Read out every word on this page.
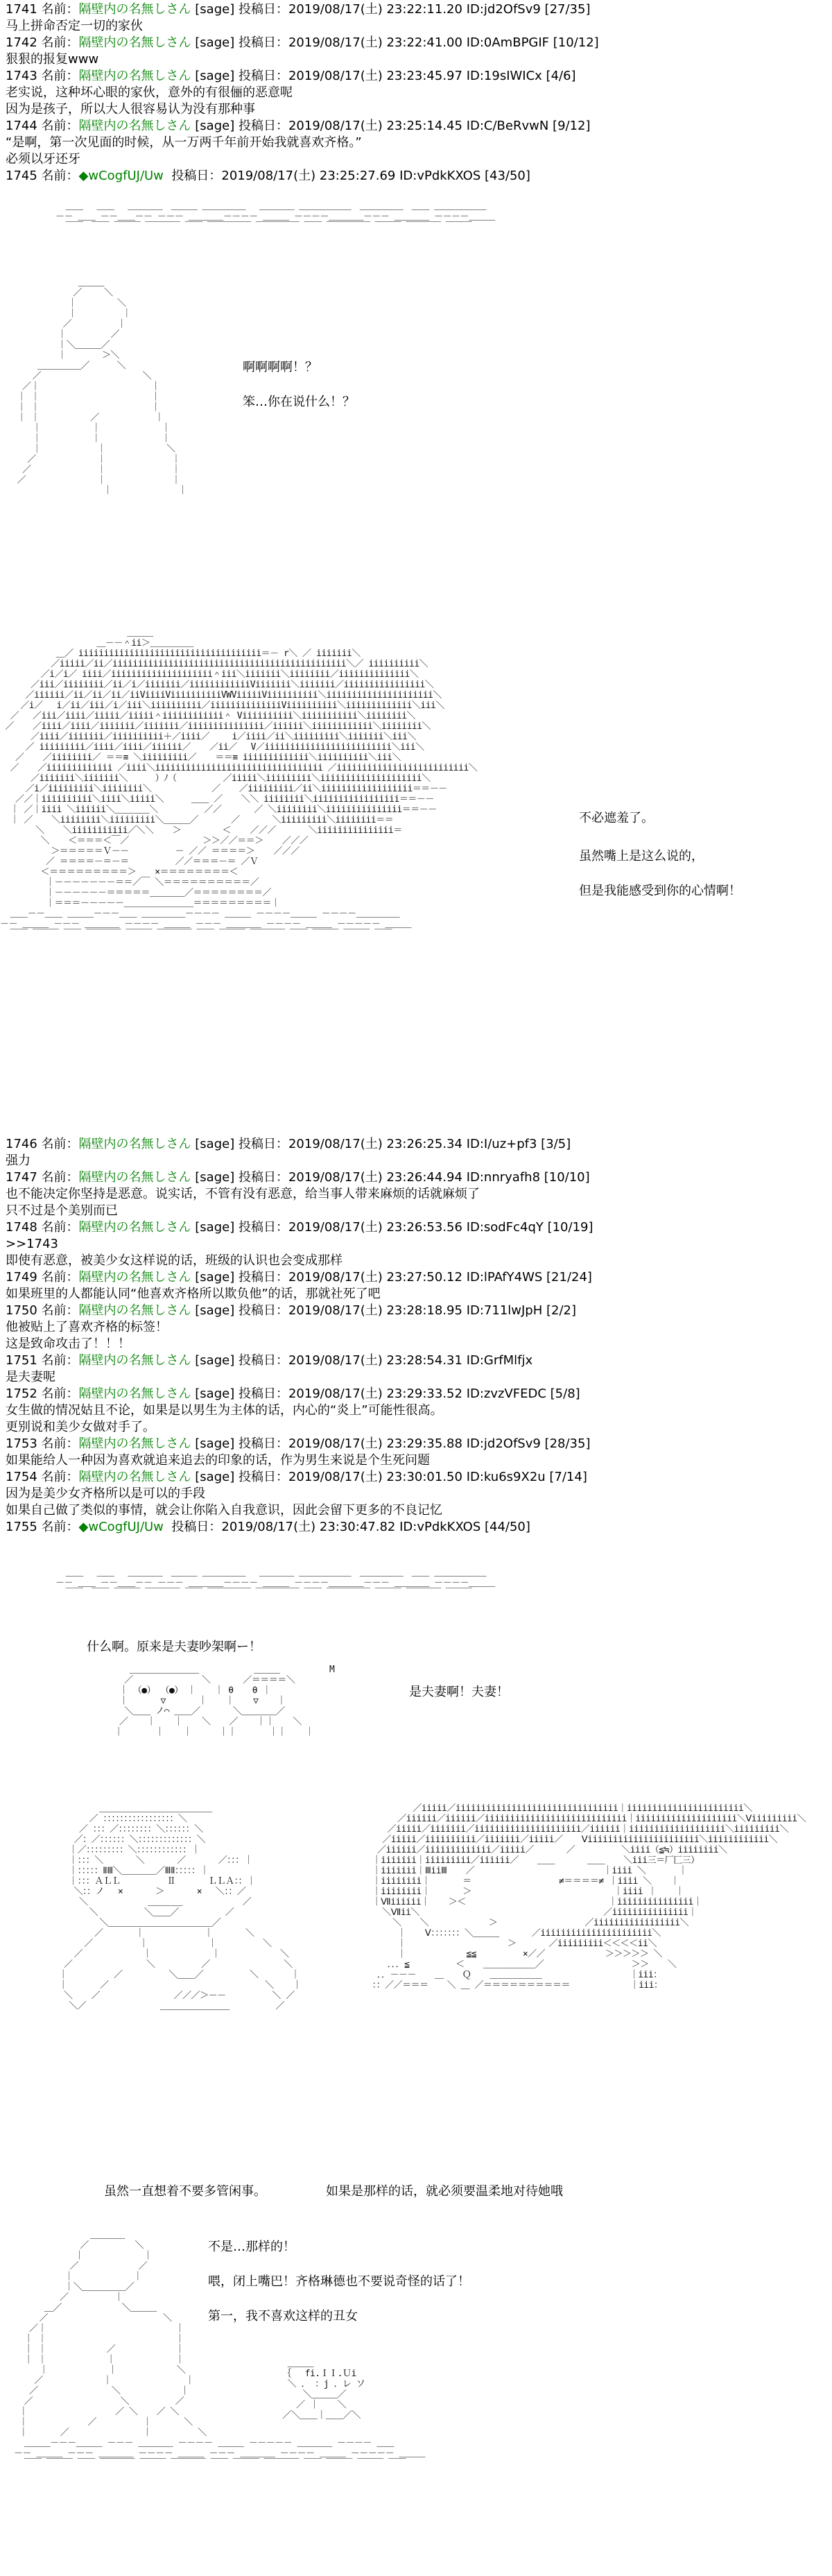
1741 名前：隔壁内の名無しさん [sage] 投稿日：2019/08/17(土) 23:22:11.20 ID:jd2OfSv9 [27/35]
马上拼命否定一切的家伙
1742 名前：隔壁内の名無しさん [sage] 投稿日：2019/08/17(土) 23:22:41.00 ID:0AmBPGIF [10/12]
狠狠的报复www
1743 名前：隔壁内の名無しさん [sage] 投稿日：2019/08/17(土) 23:23:45.97 ID:19sIWICx [4/6]
老实说，这种坏心眼的家伙，意外的有很俪的恶意呢
因为是孩子，所以大人很容易认为没有那种事
1744 名前：隔壁内の名無しさん [sage] 投稿日：2019/08/17(土) 23:25:14.45 ID:C/BeRvwN [9/12]
“是啊，第一次见面的时候，从一万两千年前开始我就喜欢齐格。”
必须以牙还牙
1745 名前：◆wCogfUJ/Uw 投稿日：2019/08/17(土) 23:25:27.69 ID:vPdkKXOS [43/50]
＿＿　 ＿＿　 ＿＿＿＿　＿＿＿ ＿＿＿＿＿　 ＿＿＿＿ ＿＿＿＿＿＿　＿＿＿＿＿　＿＿ ＿＿＿＿＿＿
－－ ＿＿ －－＿＿－－ －－－ ＿＿＿＿－－－－ ＿＿＿ －－－－＿＿＿＿－－－ ＿＿＿＿ －－－－＿＿＿
￣￣　￣￣ ￣￣￣ ￣￣￣￣ ￣￣ ￣￣￣￣￣ ￣￣￣￣￣ ￣￣ ￣￣￣￣￣ ￣￣￣ ￣￣￣￣ ￣￣￣
＿＿＿
／　　 ＼
｜        ＼
｜         ｜
／         ｜
｜      　 ／
｜＼＿＿＿／
｜       ＞＼
＿＿＿＿＿／ 　 　＼
／                    ＼
／｜                      ｜
｜ ｜                      ｜
｜ ｜                      ｜
｜ ｜          ／           ｜
｜          ｜            ｜
｜          ｜            ｜
｜           ｜            ＼
／            ｜             ｜
／             ｜             ｜
／              ｜             ｜
｜             ｜
啊啊啊啊！？
笨…你在说什么！？
＿＿＿
＿－－＾ii＞＿＿＿＿＿
＿／ iiiiiiiiiiiiiiiiiiiiiiiiiiiiiiiiiiii＝－ r＼ ／ iiiiiii＼
／iiiii／ii／iiiiiiiiiiiiiiiiiiiiiiiiiiiiiiiiiiiiiiiiiiiiii＼／ iiiiiiiiii＼
／i／i／ iiii／iiiiiiiiiiiiiiiiiiii＾iii＼iiiiiii＼iiiiiiii／iiiiiiiiiiiiii＼
／iii／iiiiiiii／ii／i／iiiiiii／iiiiiiiiiiiiViiiiiii＼iiiiiii／iiiiiiiiiiiiiiii＼
／iiiiii／ii／ii／ii／iiViiiiViiiiiiiiiiVWViiiiiViiiiiiiiii＼iiiiiiiiiiiiiiiiiiiii＼
／i／ 　i／ii／iii／i／iii＼iiiiiiiiii／iiiiiiiiiiiiiiViiiiiiiiii＼iiiiiiiiiiiii＼iii＼
／ 　／iii／iiii／iiiii／iiiii＾iiiiiiiiiiii＾ Viiiiiiiiii＼iiiiiiiiiii＼iiiiiiii＼
／ 　 ／iiii／iiii／iiiiiii／iiiiiii／iiiiiiiiiiiiiii／iiiiii＼iiiiiiiiiiii＼iiiiiiii＼
／iiii／iiiiiii／iiiiiiiiii＋／iiii／　 　i／iiii／ii＼iiiiiiiii＼iiiiiii＼iii＼
／ iiiiiiiii／iiii／iiii／iiiiii／ 　 ／ii／ 　V／iiiiiiiiiiiiiiiiiiiiiiiii＼iii＼
／ 　 ／iiiiiiii／ ＝＝≡ ＼iiiiiiiii／ 　 ＝＝≡ iiiiiiiiiiiii＼iiiiiiiiii＼iii＼
／ 　 ／iiiiiiiiiiiii ／iiii＼iiiiiiiiiiiiiiiiiiiiiiiiiiiiiiiii ／iiiiiiiiiiiiiiiiiiiiiiiiii＼
／iiiiiii＼iiiiiii＼ 　　 ）ﾉ（ 　 　 　 ／iiiii＼iiiiiiiii＼iiiiiiiiiiiiiiiiiiii＼
／i／iiiiiiiii＼iiiiiiii＼ 　 　 　 　 ／ 　 ／iiiiiiiii／ii＼iiiiiiiiiiiiiiiiii＝＝－－
／／｜iiiiiiiiii＼iiii＼iiiii＼ 　　 ＿＿ ／ 　 ＼＼ iiiiiiii＼iiiiiiiiiiiiiiiii＝＝－－
｜ ／｜iiii ＼iiiiii＼＿＿＿＿＼ 　 　 　 ／／ 　 　 ／ ＼iiiiiiii＼iiiiiiiiiiiiiii＝＝－－
｜ ／ 　 ＼iiiiiiii＼iiiiiiiii＼＿＿＿／ 　 　 ／ 　 　 ＼iiiiiiiii＼iiiiiiii＝＝
＼ 　 ＼iiiiiiiiiii／＼＼ 　 ＞ 　 　 　＜ 　 ／／／ 　 　 ＼iiiiiiiiiiiiiii＝
＼ 　 ＜＝＝＝＜￣／ 　 　 　 　 　 ＞＞／／＝＝＞ 　 ／／／
＞＝＝＝＝＝Ｖ－－ 　 　 　 － ／／ ＝＝＝＝＞ 　 ／／／
／ ＝＝＝＝－＝－＝ 　 　 　 ／／＝＝＝－＝ ／Ｖ
＜＝＝＝＝＝＝＝＝＝＞ 　 ×＝＝＝＝＝＝＝＝＜
｜－－－－－－－＝＝／￣ ＼＝＝＝＝＝＝＝＝＝＝／
｜－－－－－－＝＝＝＝＝＿＿＿＿／＝＝＝＝＝＝＝＝／
｜＝＝＝－－－－－＿＿＿＿＿＿＿＿＝＝＝＝＝＝＝＝＝｜
＿＿－－＿＿ ＿＿＿－－－＿＿ ＿＿＿＿＿－－－－ ＿＿＿ －－－－＿＿＿ －－－－＿＿＿＿＿
－－ ＿＿＿ －－－ ＿＿＿＿ －－－－ ＿＿＿ －－－ ＿＿＿＿ －－－－ ＿＿＿ －－－－－ ＿＿＿
￣￣ ￣￣￣ ￣￣ ￣￣￣￣ ￣￣￣ ￣￣￣￣ ￣￣ ￣￣￣ ￣￣￣￣ ￣￣ ￣￣￣ ￣￣￣ ￣￣
不必遮羞了。
虽然嘴上是这么说的，
但是我能感受到你的心情啊！
1746 名前：隔壁内の名無しさん [sage] 投稿日：2019/08/17(土) 23:26:25.34 ID:I/uz+pf3 [3/5]
强力
1747 名前：隔壁内の名無しさん [sage] 投稿日：2019/08/17(土) 23:26:44.94 ID:nnryafh8 [10/10]
也不能决定你坚持是恶意。说实话，不管有没有恶意，给当事人带来麻烦的话就麻烦了
只不过是个美别而已
1748 名前：隔壁内の名無しさん [sage] 投稿日：2019/08/17(土) 23:26:53.56 ID:sodFc4qY [10/19]
>>1743
即使有恶意，被美少女这样说的话，班级的认识也会变成那样
1749 名前：隔壁内の名無しさん [sage] 投稿日：2019/08/17(土) 23:27:50.12 ID:lPAfY4WS [21/24]
如果班里的人都能认同“他喜欢齐格所以欺负他”的话，那就社死了吧
1750 名前：隔壁内の名無しさん [sage] 投稿日：2019/08/17(土) 23:28:18.95 ID:711lwJpH [2/2]
他被贴上了喜欢齐格的标签！
这是致命攻击了！！！
1751 名前：隔壁内の名無しさん [sage] 投稿日：2019/08/17(土) 23:28:54.31 ID:GrfMlfjx
是夫妻呢
1752 名前：隔壁内の名無しさん [sage] 投稿日：2019/08/17(土) 23:29:33.52 ID:zvzVFEDC [5/8]
女生做的情况姑且不论，如果是以男生为主体的话，内心的“炎上”可能性很高。
更别说和美少女做对手了。
1753 名前：隔壁内の名無しさん [sage] 投稿日：2019/08/17(土) 23:29:35.88 ID:jd2OfSv9 [28/35]
如果能给人一种因为喜欢就追来追去的印象的话，作为男生来说是个生死问题
1754 名前：隔壁内の名無しさん [sage] 投稿日：2019/08/17(土) 23:30:01.50 ID:ku6s9X2u [7/14]
因为是美少女齐格所以是可以的手段
如果自己做了类似的事情，就会让你陷入自我意识，因此会留下更多的不良记忆
1755 名前：◆wCogfUJ/Uw 投稿日：2019/08/17(土) 23:30:47.82 ID:vPdkKXOS [44/50]
＿＿　 ＿＿　 ＿＿＿＿　＿＿＿ ＿＿＿＿＿　 ＿＿＿＿ ＿＿＿＿＿＿　＿＿＿＿＿　＿＿ ＿＿＿＿＿＿
－－ ＿＿ －－＿＿－－ －－－ ＿＿＿＿－－－－ ＿＿＿ －－－－＿＿＿＿－－－ ＿＿＿＿ －－－－＿＿＿
￣￣　￣￣ ￣￣￣ ￣￣￣￣ ￣￣ ￣￣￣￣￣ ￣￣￣￣￣ ￣￣ ￣￣￣￣￣ ￣￣￣ ￣￣￣￣ ￣￣￣
什么啊。原来是夫妻吵架啊ー！
＿＿＿＿＿＿＿＿ 　 　 　　 ＿＿＿
／　 　 　 　 　 ＼ 　 　 ／＝＝＝＝＼
｜ （●） （●）　｜ 　 ｜ θ 　 θ ｜
｜ 　 　 ▽ 　 　 ｜ 　 ｜ 　 ▽ 　 ｜
＼＿＿ ノ⌒ ＿＿／ 　 　 ＼＿＿＿＿／
／ 　 ｜ 　 ｜ 　 ＼ 　 ／ 　 ｜｜ 　 ＼
｜ 　 　 ｜ 　 ｜ 　 　｜｜ 　 　 ｜｜ 　 ｜
M
是夫妻啊！夫妻！
＿＿＿＿＿＿＿＿＿＿＿＿＿
／ ：：：：：：：：：：：：：：：：：＼
／ ：：：／：：：：：：：：＼：：：：：：＼
／：／：：：：：：＼：：：：：：：：：：：：：＼
｜／：：：：：：：：：＼：：：：：：：：：：：：｜
｜：：：＼ 　 　 ＼ 　 　 ／ 　 　 ／：：：｜
｜：：：：：ⅡⅢ＼＿＿＿＿／ⅢⅡ：：：：：｜
｜：：：ＡＬＬ 　 　 　 Ⅱ 　 　 ＬＬＡ：：｜
＼：：ノ 　× 　 　 ＞ 　 　 ×　 ＼：：／
＼ 　 　 　 　 ＿＿＿＿ 　 　 　 　 ／
＼ 　 　 　 ＼＿＿／ 　 　 　 ／
＼＿＿＿＿＿＿＿＿＿＿＿＿／
／ 　 　 ｜ 　 　 　 　 ｜ 　 　 ＼
／ 　 　 　 ｜ 　 　 　 　 ｜ 　 　 　 ＼
／ 　 　 　 　 ｜ 　 　 　 　 ｜ 　 　 　 　 ＼
／ 　 　 　 　 　 ＼ 　 　 　 ／ 　 　 　 　 　 ＼
｜ 　 　 　 ／ 　 　 　 ＼＿＿／ 　 　 　 ＼ 　 　 ｜
｜ 　 　 ／ 　 　 　 　 　 　 　 　 　 　 　 ＼ 　 ｜
＼ 　 ／ 　 　 　 　 　 ／／／＞－－ 　 　 　 ＼ ／
＼／ 　 　 　 　 　 ＿＿＿＿＿＿＿＿ 　 　 　 ／
／iiiii／iiiiiiiiiiiiiiiiiiiiiiiiiiiiiiii｜iiiiiiiiiiiiiiiiiiiiiii＼
／iiiiii／iiiiii／iiiiiiiiiiiiiiiiiiiiiiiiiiii｜iiiiiiiiiiiiiiiiiiii＼Ⅴiiiiiiiii＼
／iiiii／iiiiiii／iiiiiiiiiiiiiiiiiiiii／iiiiii｜iiiiiiiiiiiiiiiiiii＼iiiiiiiii＼
／iiiii／iiiiiiiiii／iiiiiii／iiiii／ 　 Ⅴiiiiiiiiiiiiiiiiiiiiii＼iiiiiiiiiiii＼
／iiiiii／iiiiiiiiiiiii／iiiii／ 　 　 ／ 　 　 　 ＼iiii（≦≒）iiiiiiii＼
｜iiiiiii｜iiiiiiiii／iiiiii／ 　 ＿＿ 　 　 ＿＿ 　 ＼iii三＝厂匚三）
｜iiiiiii｜ⅢiiⅢ 　 ／ 　 　 　 　 　 　 　 　 　 ｜iiii ＼ 　 　 ｜
｜iiiiiiii｜ 　 　 ＝ 　 　 　 　 　 　 ≠＝＝＝＝≠ ｜iiii ＼ 　 ｜
｜iiiiiiii｜ 　 　 ＞ 　 　 　 　 　 　 　 　 　 　 ｜iiii ｜ 　 ｜
｜Ⅶiiiiii｜ 　 ＞＜ 　 　 　 　 　 　 　 　 　 　 ｜iiiiiiiiiiiiiii｜
＼Ⅶii＼ 　 　 　 　 　 　 　 　 　 　 　 　 　 ／iiiiiiiiiiiiiii｜
＼ 　 ＼ 　 　 　 　 ＞ 　 　 　 　 　 　 ／iiiiiiiiiiiiiiiii＼
｜ 　 Ⅴ：：：：：：：＼＿＿＿ 　 　 ／iiiiiiiiiiiiiiiiiiiiii＼
｜ 　 　 　 　 　 　 　 ＞ 　 　 ／iiiiiiiii＜＜＜＜ii＼
｜ 　 　 　 　 ≦≦ 　 　 　 ×／／ 　 　 　 　 ＞＞＞＞＞ ＼
．．．≦ 　 　 　 ＜ 　 ＿＿＿＿＿＿／ 　 　 　 　 　 　 ＞＞ 　 ＼
．．－－－ 　 ＿ 　 Ｑ 　 ＿＿＿＿＿＿ 　 　 　 　 　 　 ｜iii：
：：／／＝＝＝ 　 ＼ ＿ ／＝＝＝＝＝＝＝＝＝＝ 　 　 　 　 ｜iii：
虽然一直想着不要多管闲事。	如果是那样的话，就必须要温柔地对待她哦
＿＿＿＿
／ 　 　 　 ＼
｜ 　 　 　 　 ｜
／ 　 　 　 　 ／
｜ 　 　 　 　 ｜
｜＼＿＿＿＿＿／
／ 　 　 　 ｜
＿／ 　 　 　 　 ＼＿＿＿
／ 　 　 　 　 　 　 　 　 ＼
／｜ 　 　 　 　 　 　 　 　 　 ｜
｜ ｜ 　 　 　 　 　 　 　 　 　 ｜
｜ ｜ 　 　 　 　 ／ 　 　 　 　 ｜
｜ ｜ 　 　 　 　 ｜ 　 　 　 　 ｜
｜ 　 　 　 　 ｜ 　 　 　 　 ＼
／ 　 　 　 　 ｜ 　 　 　 　 　 ｜
／ 　 　 　 　 　 ＼ 　 　 　 　 ｜
／ 　 　 　 　 　 　 ＼ 　 　 　 ／
｜ 　 　 　 　 　 　 ／ ＼ 　 ／ ＼
｜ 　 　 　 　 ／ 　 　 　 ｜ 　 　 ＼
｜ 　 　 ／ 　 　 　 　 　 ｜ 　 　 　 ＼
＿＿＿－－－＿＿＿ －－－ ＿＿＿＿ －－－－ ＿＿＿ －－－－－ ＿＿＿＿ －－－－ ＿＿
－－ ＿＿＿ －－－ ＿＿＿＿ －－－－ ＿＿＿ －－－ ＿＿＿＿ －－－－ ＿＿＿ －－－－－ ＿＿＿
￣￣ ￣￣￣ ￣￣ ￣￣￣￣ ￣￣￣ ￣￣￣￣ ￣￣ ￣￣￣ ￣￣￣￣ ￣￣ ￣￣￣ ￣￣￣ ￣￣
＿＿＿
｛ 　fi.ＩＩ.Ｕi
＼ ． ：j ．レ ソ
＼＿＿＿／
　／ ｜ 　 ＼
／＼＿＿｜＿＿／＼
不是…那样的！
喂，闭上嘴巴！齐格琳德也不要说奇怪的话了！
第一，我不喜欢这样的丑女
